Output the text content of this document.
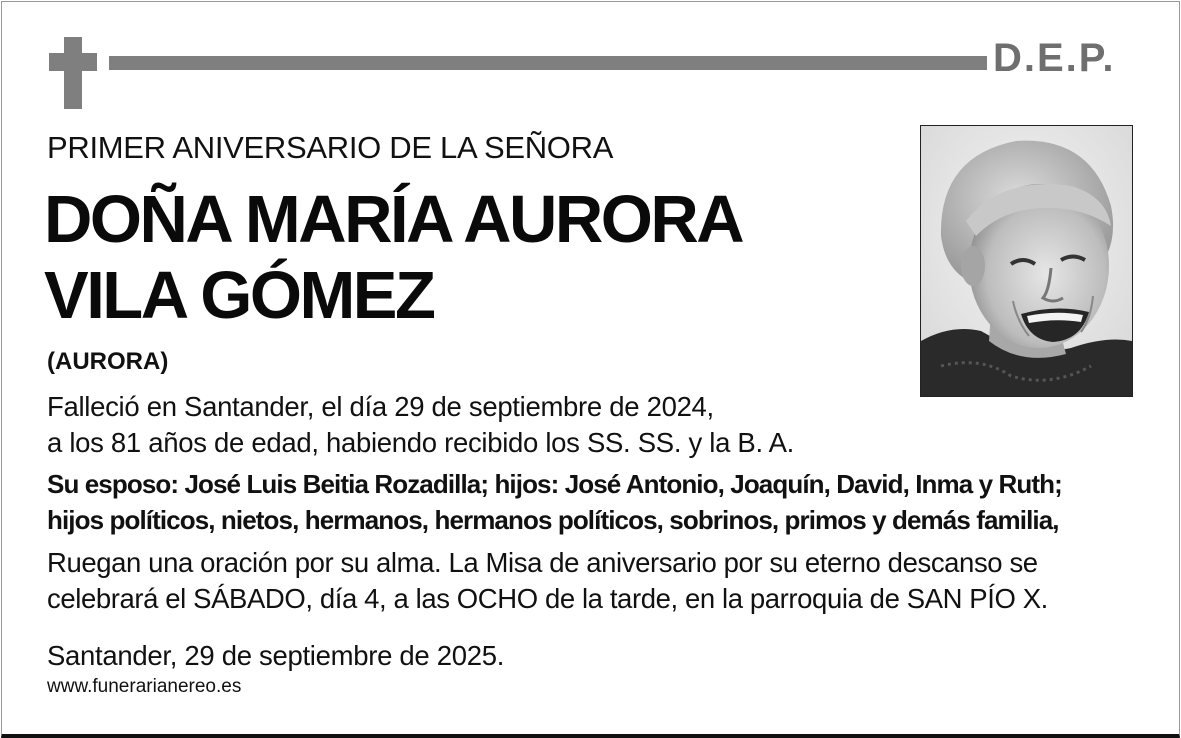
D.E.P.
PRIMER ANIVERSARIO DE LA SEÑORA
DOÑA MARÍA AURORA
VILA GÓMEZ
(AURORA)
Falleció en Santander, el día 29 de septiembre de 2024,
a los 81 años de edad, habiendo recibido los SS. SS. y la B. A.
Su esposo: José Luis Beitia Rozadilla; hijos: José Antonio, Joaquín, David, Inma y Ruth;
hijos políticos, nietos, hermanos, hermanos políticos, sobrinos, primos y demás familia,
Ruegan una oración por su alma. La Misa de aniversario por su eterno descanso se
celebrará el SÁBADO, día 4, a las OCHO de la tarde, en la parroquia de SAN PÍO X.
Santander, 29 de septiembre de 2025.
www.funerarianereo.es
